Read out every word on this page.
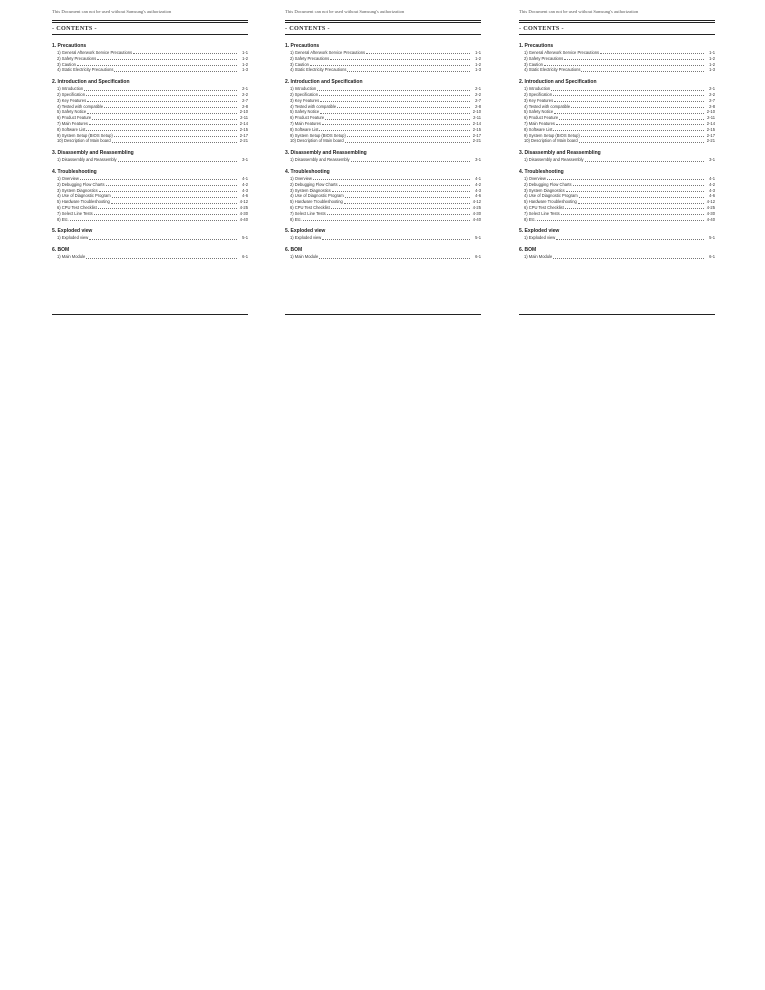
This Document can not be used without Samsung's authorization
- CONTENTS -
1. Precautions
1) General Afterwork Service Precautions	1-1
2) Safety Precautions	1-2
3) Caution	1-2
4) Static Electricity Precautions	1-3
2. Introduction and Specification
1) Introduction	2-1
2) Specification	2-2
3) Key Features	2-7
4) Tested with compatible	2-8
5) Safety Notice	2-10
6) Product Feature	2-11
7) Main Features	2-14
8) Software List	2-15
9) System Setup (BIOS Setup)	2-17
10) Description of Main board	2-21
3. Disassembly and Reassembling
1) Disassembly and Reassembly	3-1
4. Troubleshooting
1) Overview	4-1
2) Debugging Flow Charts	4-2
3) System Diagnostics	4-3
4) Use of Diagnostic Program	4-6
5) Hardware Troubleshooting	4-12
6) CPU Test Checklist	4-25
7) Select Line Tests	4-30
8) Etc.	4-40
5. Exploded view
1) Exploded view	5-1
6. BOM
1) Main Module	6-1
This Document can not be used without Samsung's authorization
- CONTENTS -
1. Precautions
1) General Afterwork Service Precautions	1-1
2) Safety Precautions	1-2
3) Caution	1-2
4) Static Electricity Precautions	1-3
2. Introduction and Specification
1) Introduction	2-1
2) Specification	2-2
3) Key Features	2-7
4) Tested with compatible	2-8
5) Safety Notice	2-10
6) Product Feature	2-11
7) Main Features	2-14
8) Software List	2-15
9) System Setup (BIOS Setup)	2-17
10) Description of Main board	2-21
3. Disassembly and Reassembling
1) Disassembly and Reassembly	3-1
4. Troubleshooting
1) Overview	4-1
2) Debugging Flow Charts	4-2
3) System Diagnostics	4-3
4) Use of Diagnostic Program	4-6
5) Hardware Troubleshooting	4-12
6) CPU Test Checklist	4-25
7) Select Line Tests	4-30
8) Etc.	4-40
5. Exploded view
1) Exploded view	5-1
6. BOM
1) Main Module	6-1
This Document can not be used without Samsung's authorization
- CONTENTS -
1. Precautions
1) General Afterwork Service Precautions	1-1
2) Safety Precautions	1-2
3) Caution	1-2
4) Static Electricity Precautions	1-3
2. Introduction and Specification
1) Introduction	2-1
2) Specification	2-2
3) Key Features	2-7
4) Tested with compatible	2-8
5) Safety Notice	2-10
6) Product Feature	2-11
7) Main Features	2-14
8) Software List	2-15
9) System Setup (BIOS Setup)	2-17
10) Description of Main board	2-21
3. Disassembly and Reassembling
1) Disassembly and Reassembly	3-1
4. Troubleshooting
1) Overview	4-1
2) Debugging Flow Charts	4-2
3) System Diagnostics	4-3
4) Use of Diagnostic Program	4-6
5) Hardware Troubleshooting	4-12
6) CPU Test Checklist	4-25
7) Select Line Tests	4-30
8) Etc.	4-40
5. Exploded view
1) Exploded view	5-1
6. BOM
1) Main Module	6-1
